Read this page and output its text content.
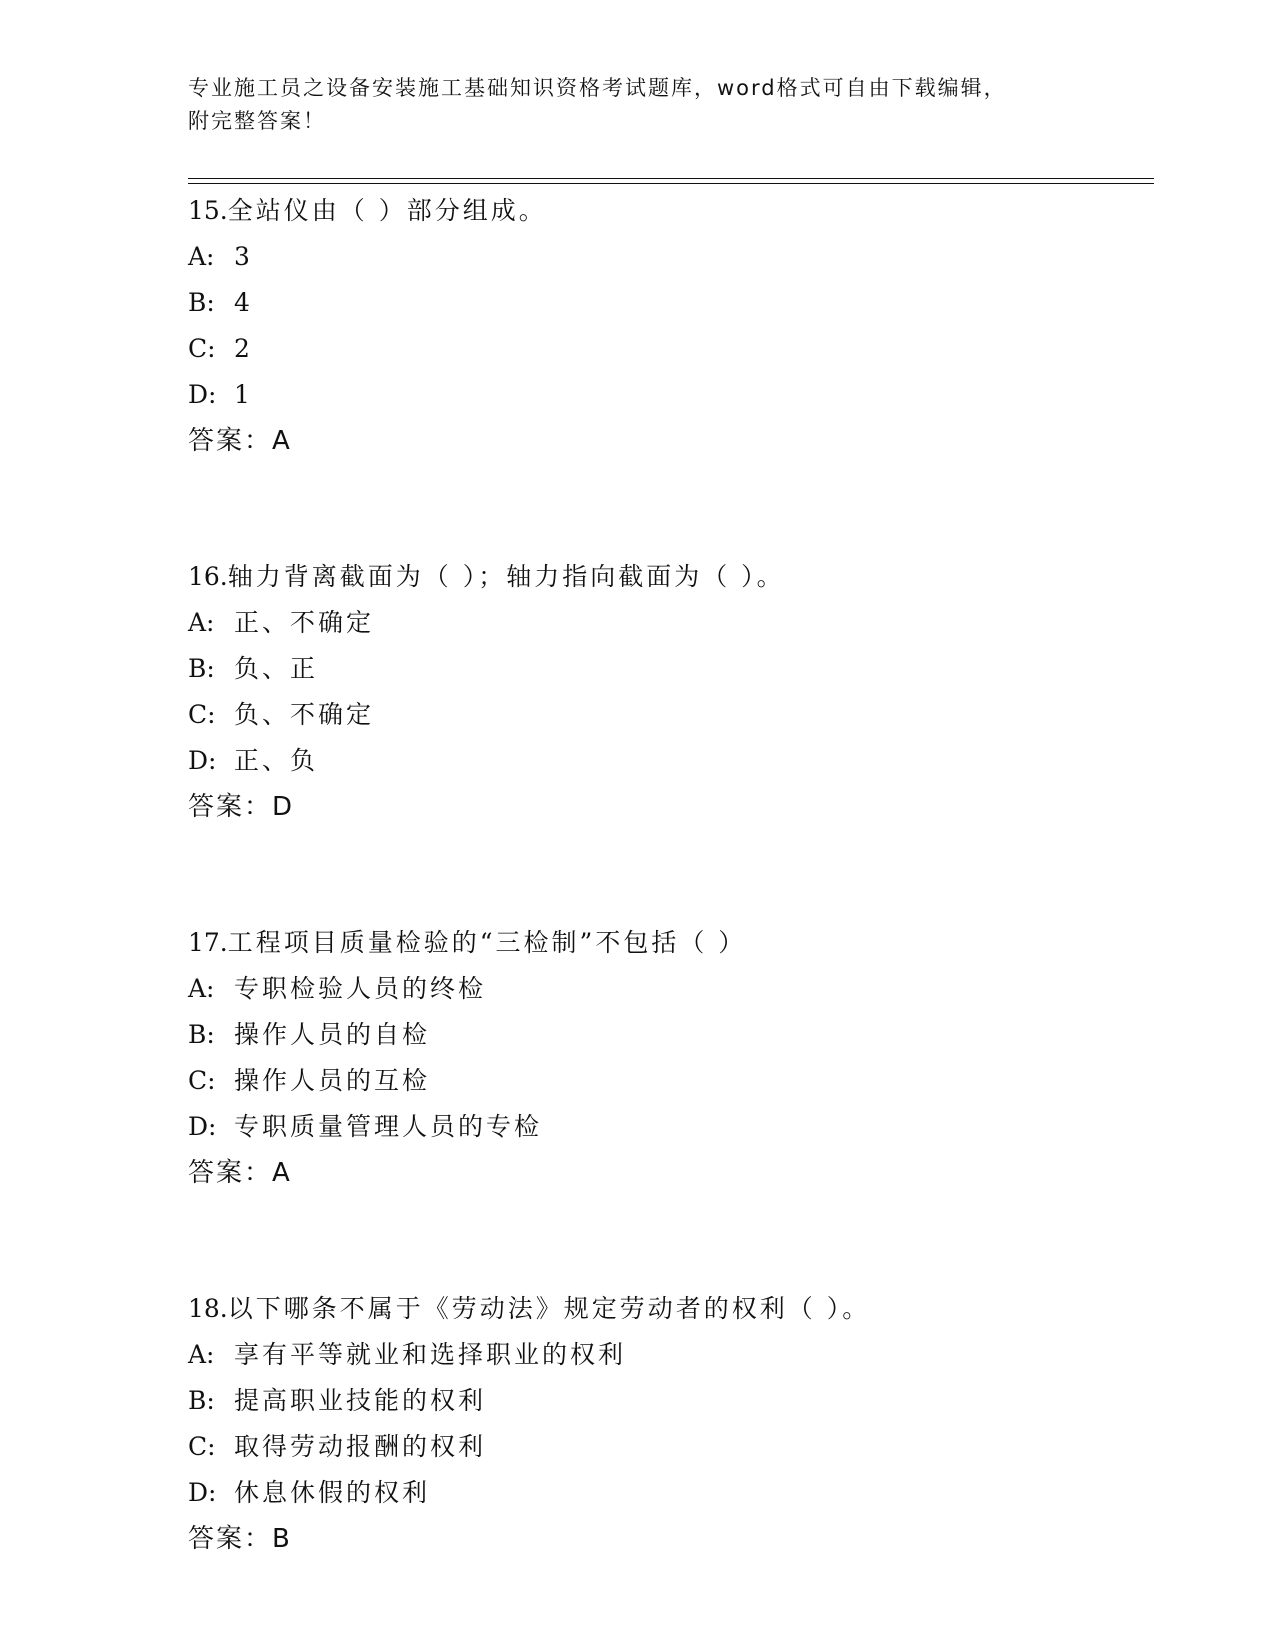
专业施工员之设备安装施工基础知识资格考试题库，word格式可自由下载编辑，
附完整答案！
15.全站仪由（ ）部分组成。
A: 3
B: 4
C: 2
D: 1
答案：A
16.轴力背离截面为（ ）；轴力指向截面为（ ）。
A: 正、不确定
B: 负、正
C: 负、不确定
D: 正、负
答案：D
17.工程项目质量检验的“三检制”不包括（ ）
A: 专职检验人员的终检
B: 操作人员的自检
C: 操作人员的互检
D: 专职质量管理人员的专检
答案：A
18.以下哪条不属于《劳动法》规定劳动者的权利（ ）。
A: 享有平等就业和选择职业的权利
B: 提高职业技能的权利
C: 取得劳动报酬的权利
D: 休息休假的权利
答案：B
